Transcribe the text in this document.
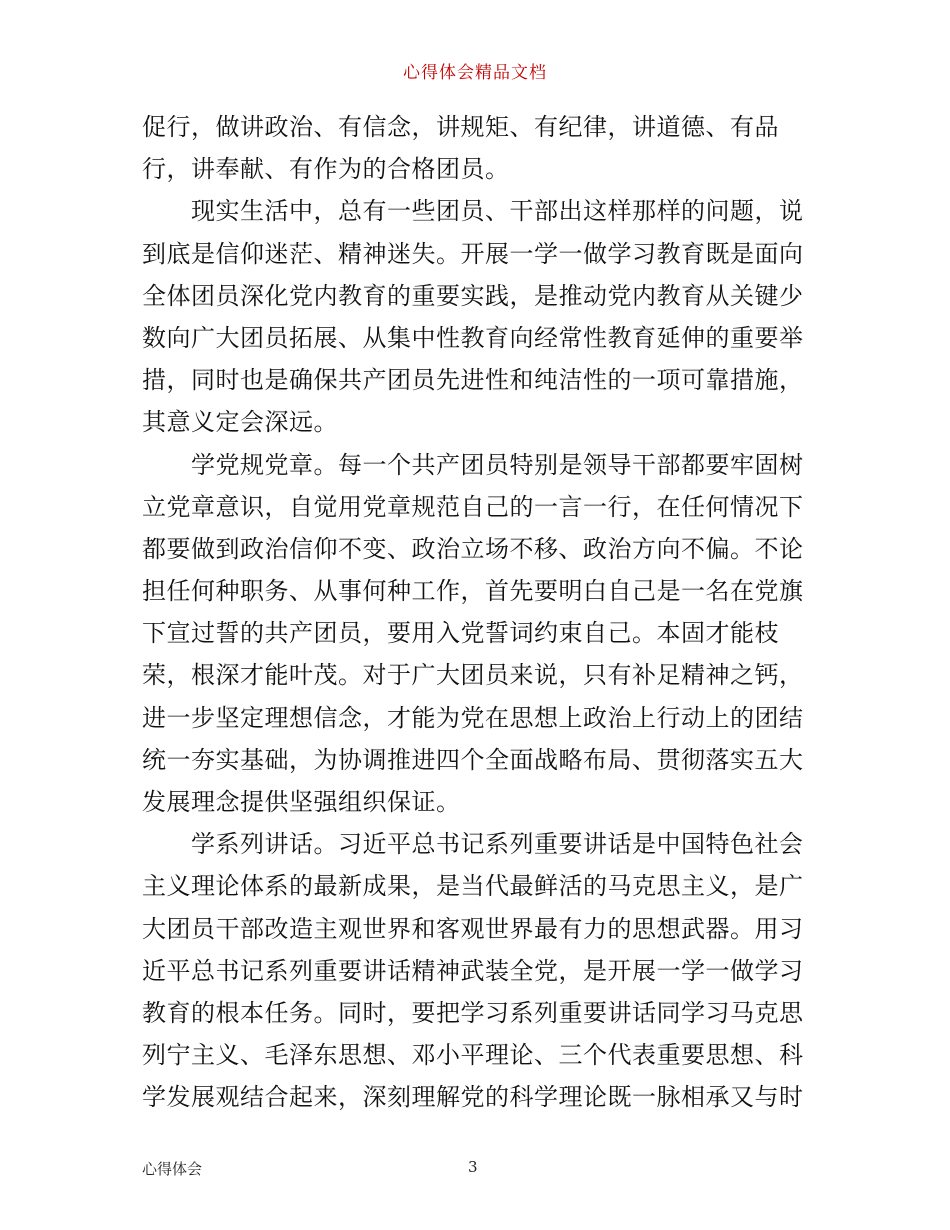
心得体会精品文档
促行，做讲政治、有信念，讲规矩、有纪律，讲道德、有品
行，讲奉献、有作为的合格团员。
　　现实生活中，总有一些团员、干部出这样那样的问题，说
到底是信仰迷茫、精神迷失。开展一学一做学习教育既是面向
全体团员深化党内教育的重要实践，是推动党内教育从关键少
数向广大团员拓展、从集中性教育向经常性教育延伸的重要举
措，同时也是确保共产团员先进性和纯洁性的一项可靠措施，
其意义定会深远。
　　学党规党章。每一个共产团员特别是领导干部都要牢固树
立党章意识，自觉用党章规范自己的一言一行，在任何情况下
都要做到政治信仰不变、政治立场不移、政治方向不偏。不论
担任何种职务、从事何种工作，首先要明白自己是一名在党旗
下宣过誓的共产团员，要用入党誓词约束自己。本固才能枝
荣，根深才能叶茂。对于广大团员来说，只有补足精神之钙，
进一步坚定理想信念，才能为党在思想上政治上行动上的团结
统一夯实基础，为协调推进四个全面战略布局、贯彻落实五大
发展理念提供坚强组织保证。
　　学系列讲话。习近平总书记系列重要讲话是中国特色社会
主义理论体系的最新成果，是当代最鲜活的马克思主义，是广
大团员干部改造主观世界和客观世界最有力的思想武器。用习
近平总书记系列重要讲话精神武装全党，是开展一学一做学习
教育的根本任务。同时，要把学习系列重要讲话同学习马克思
列宁主义、毛泽东思想、邓小平理论、三个代表重要思想、科
学发展观结合起来，深刻理解党的科学理论既一脉相承又与时
心得体会	3
